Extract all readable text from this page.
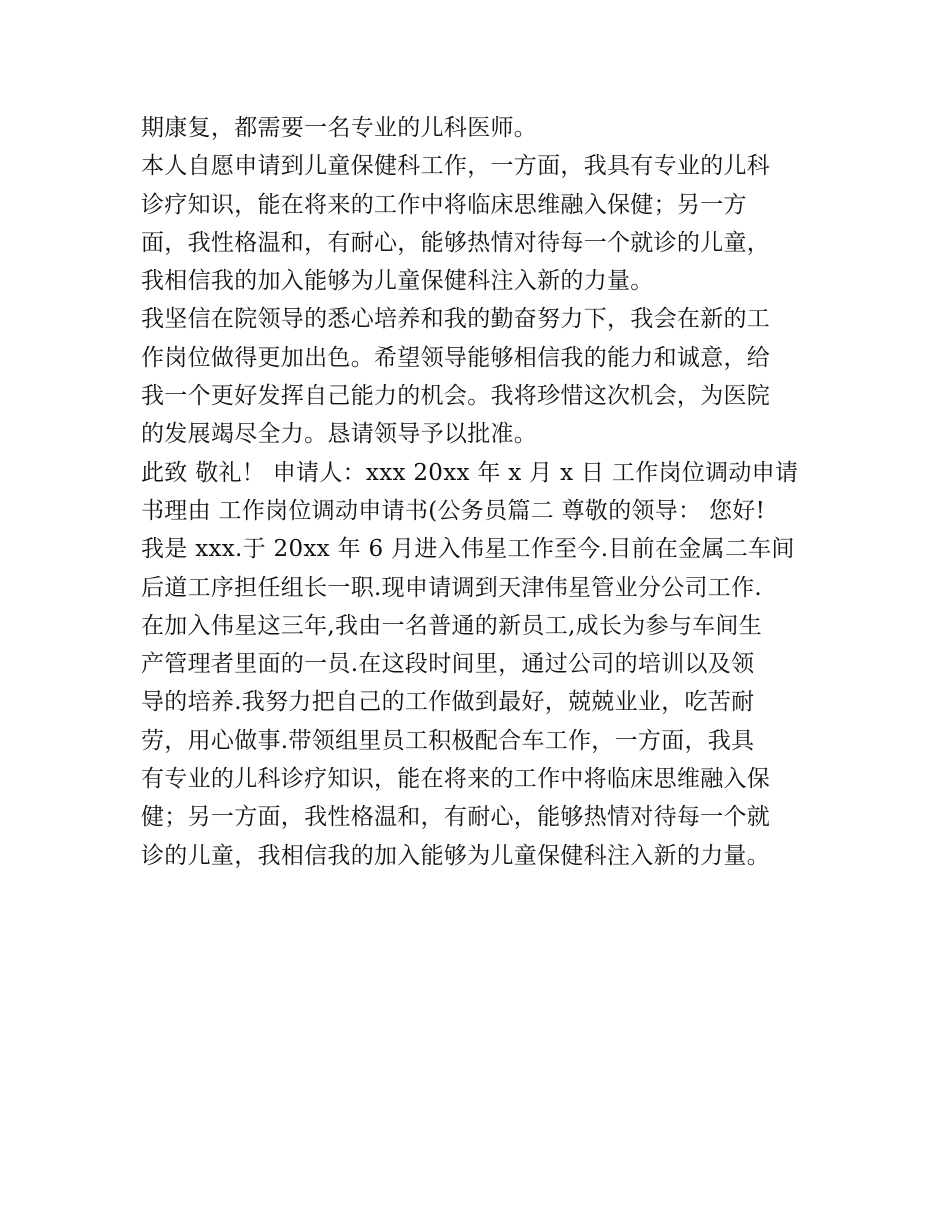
期康复，都需要一名专业的儿科医师。

本人自愿申请到儿童保健科工作，一方面，我具有专业的儿科

诊疗知识，能在将来的工作中将临床思维融入保健；另一方

面，我性格温和，有耐心，能够热情对待每一个就诊的儿童，

我相信我的加入能够为儿童保健科注入新的力量。

我坚信在院领导的悉心培养和我的勤奋努力下，我会在新的工

作岗位做得更加出色。希望领导能够相信我的能力和诚意，给

我一个更好发挥自己能力的机会。我将珍惜这次机会，为医院

的发展竭尽全力。恳请领导予以批准。

此致 敬礼！ 申请人：xxx 20xx 年 x 月 x 日 工作岗位调动申请

书理由 工作岗位调动申请书(公务员篇二 尊敬的领导： 您好!

我是 xxx.于 20xx 年 6 月进入伟星工作至今.目前在金属二车间

后道工序担任组长一职.现申请调到天津伟星管业分公司工作.

在加入伟星这三年,我由一名普通的新员工,成长为参与车间生

产管理者里面的一员.在这段时间里，通过公司的培训以及领

导的培养.我努力把自己的工作做到最好，兢兢业业，吃苦耐

劳，用心做事.带领组里员工积极配合车工作，一方面，我具

有专业的儿科诊疗知识，能在将来的工作中将临床思维融入保

健；另一方面，我性格温和，有耐心，能够热情对待每一个就

诊的儿童，我相信我的加入能够为儿童保健科注入新的力量。
